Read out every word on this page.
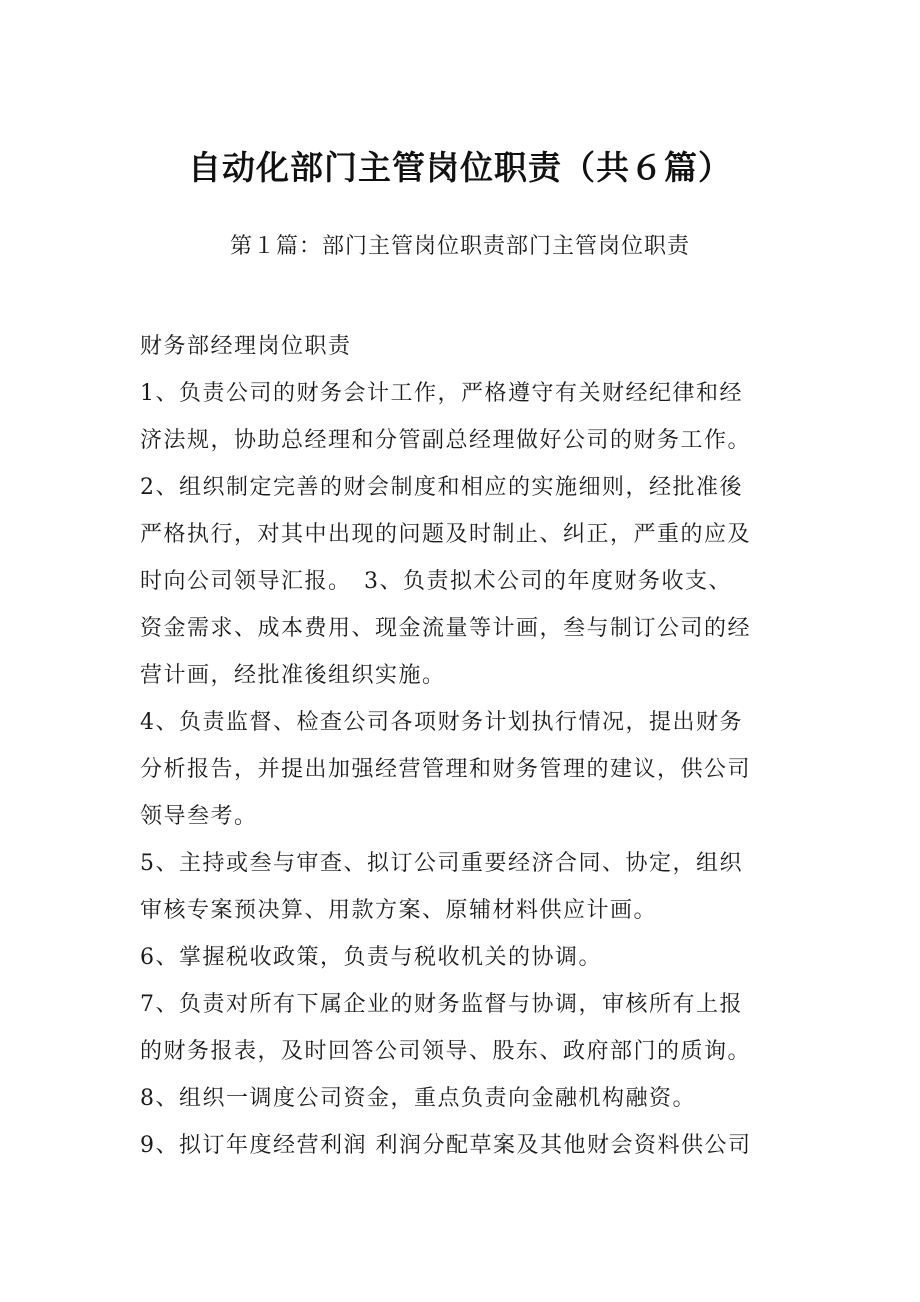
自动化部门主管岗位职责（共６篇）

第１篇：部门主管岗位职责部门主管岗位职责

财务部经理岗位职责
1、负责公司的财务会计工作，严格遵守有关财经纪律和经
济法规，协助总经理和分管副总经理做好公司的财务工作。
2、组织制定完善的财会制度和相应的实施细则，经批准後
严格执行，对其中出现的问题及时制止、纠正，严重的应及
时向公司领导汇报。　3、负责拟术公司的年度财务收支、
资金需求、成本费用、现金流量等计画，叁与制订公司的经
营计画，经批准後组织实施。
4、负责监督、检查公司各项财务计划执行情况，提出财务
分析报告，并提出加强经营管理和财务管理的建议，供公司
领导叁考。
5、主持或叁与审查、拟订公司重要经济合同、协定，组织
审核专案预决算、用款方案、原辅材料供应计画。
6、掌握税收政策，负责与税收机关的协调。
7、负责对所有下属企业的财务监督与协调，审核所有上报
的财务报表，及时回答公司领导、股东、政府部门的质询。
8、组织一调度公司资金，重点负责向金融机构融资。
9、拟订年度经营利润 利润分配草案及其他财会资料供公司
